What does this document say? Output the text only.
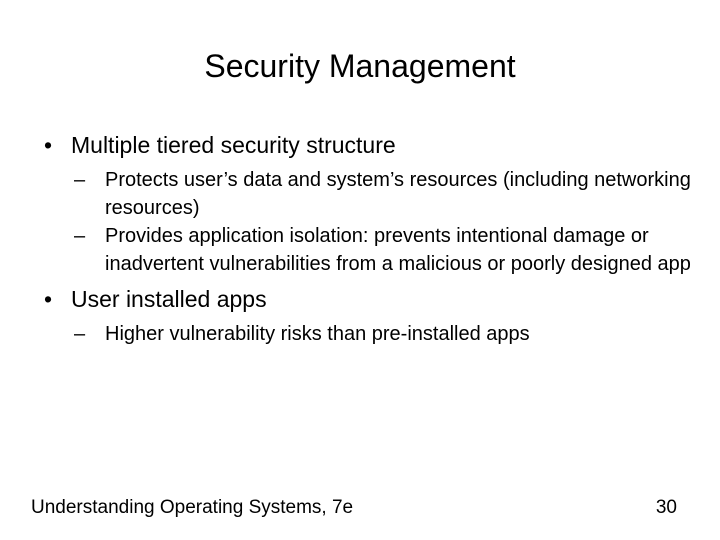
Security Management
• Multiple tiered security structure
– Protects user’s data and system’s resources (including networking resources)
– Provides application isolation: prevents intentional damage or inadvertent vulnerabilities from a malicious or poorly designed app
• User installed apps
– Higher vulnerability risks than pre-installed apps
Understanding Operating Systems, 7e	30
